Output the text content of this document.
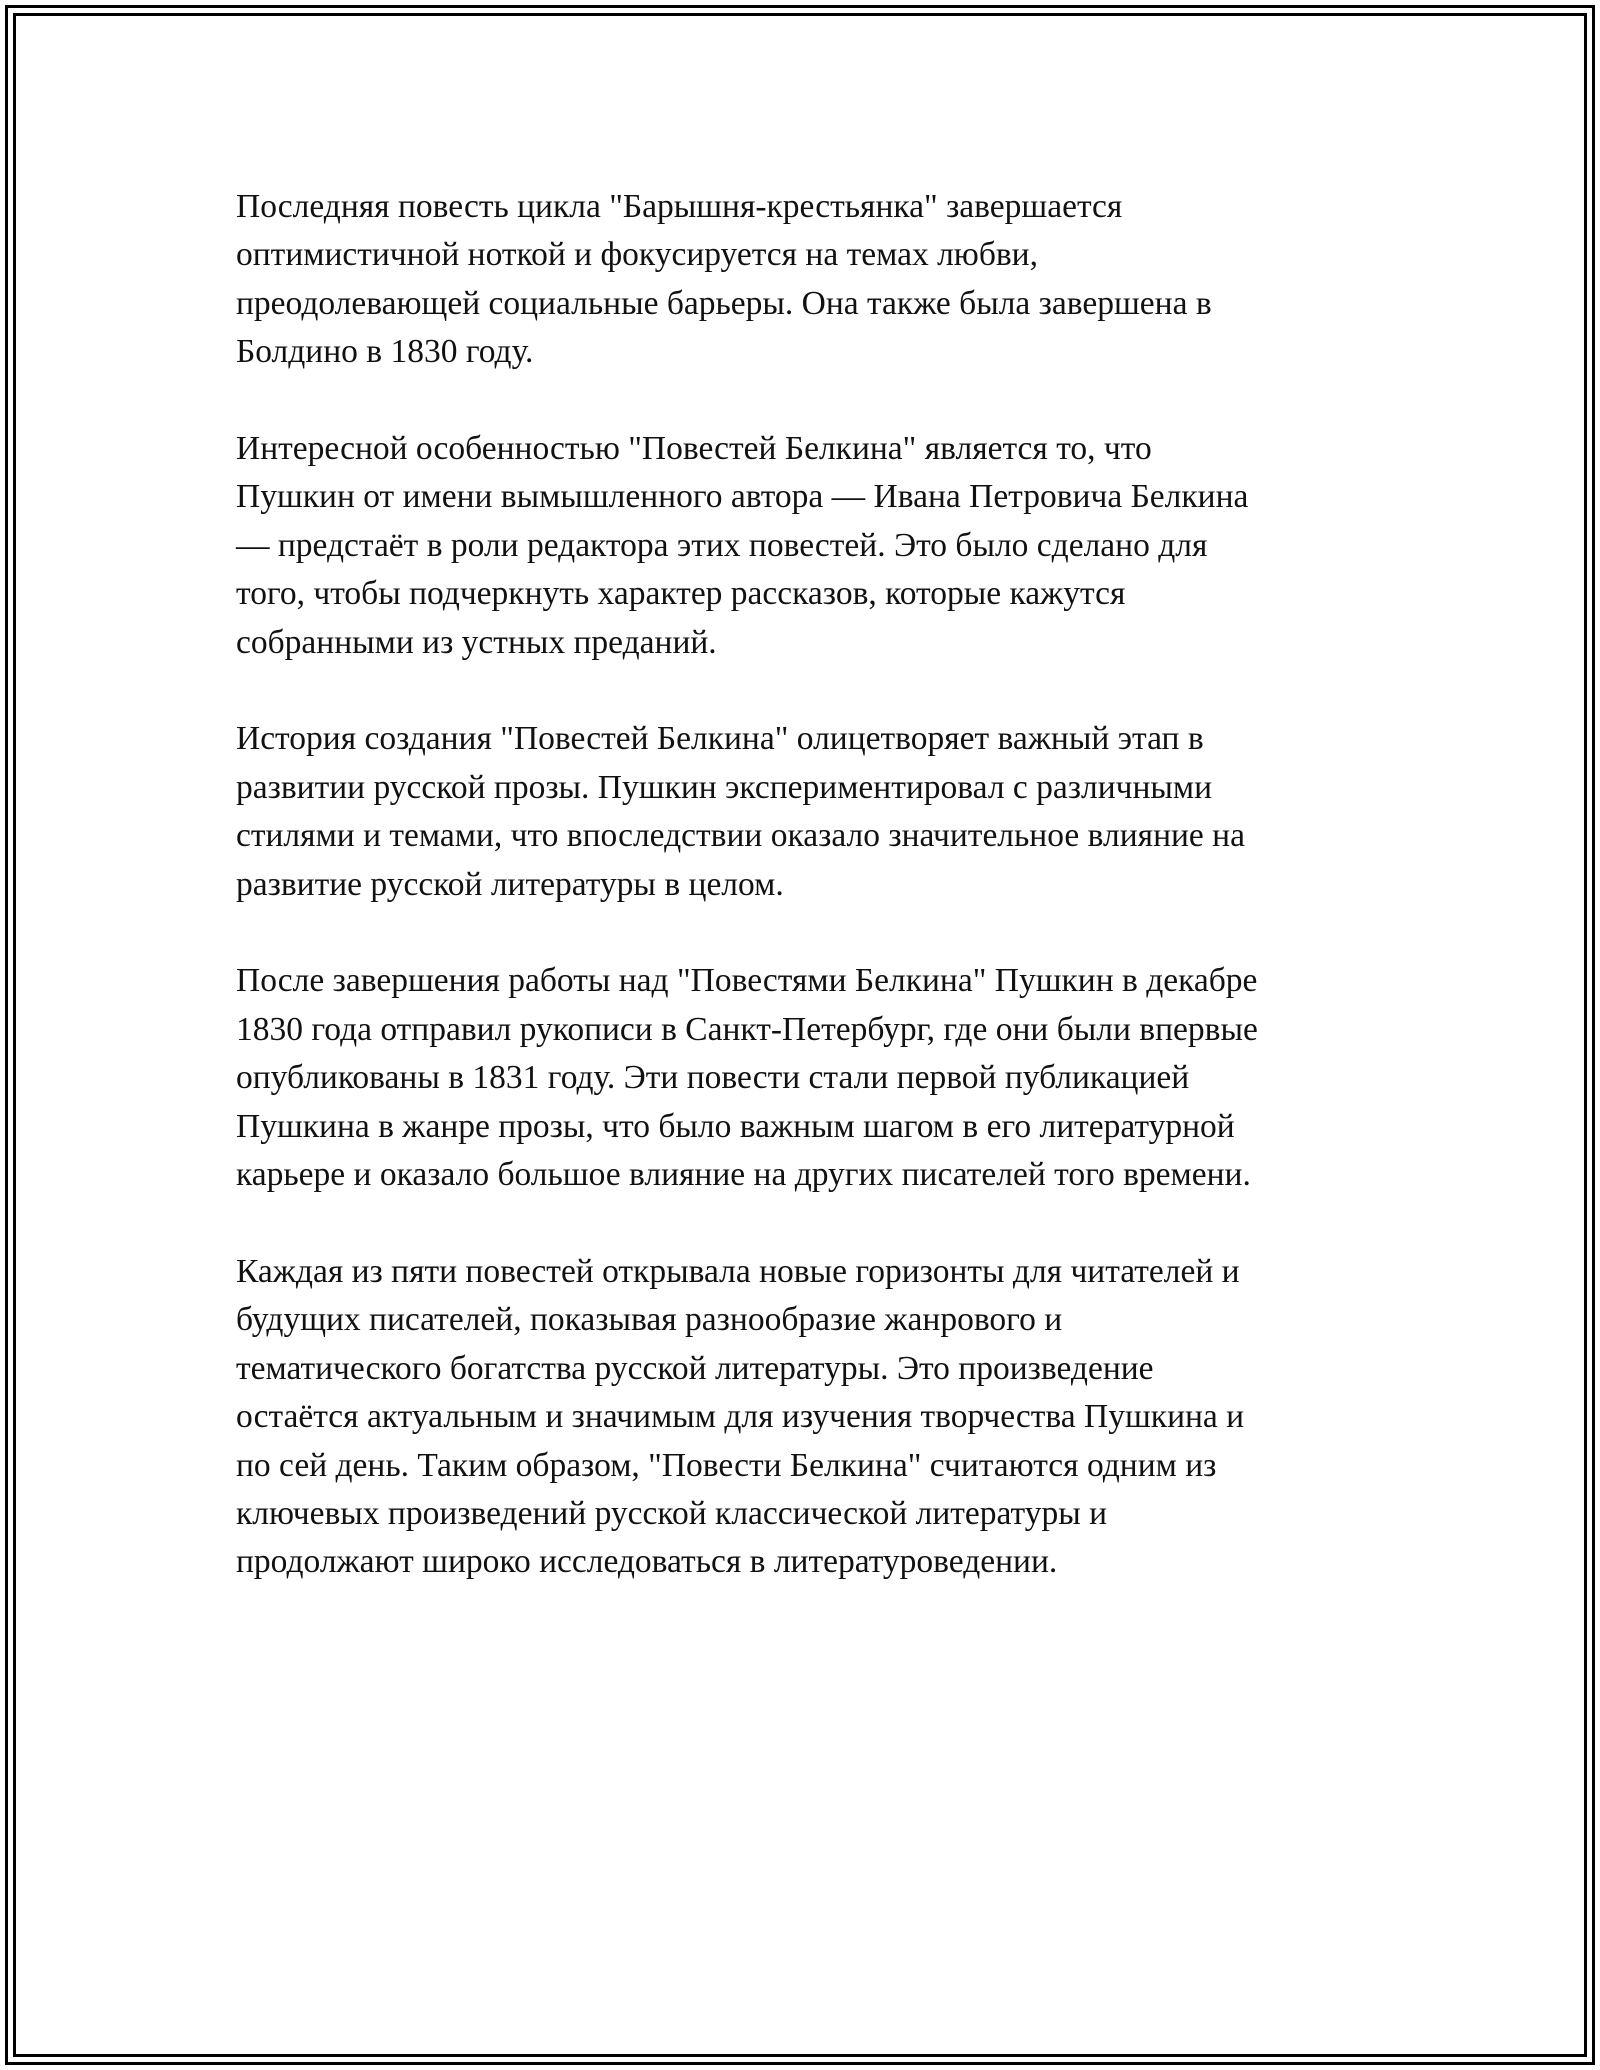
Последняя повесть цикла "Барышня-крестьянка" завершается
оптимистичной ноткой и фокусируется на темах любви,
преодолевающей социальные барьеры. Она также была завершена в
Болдино в 1830 году.

Интересной особенностью "Повестей Белкина" является то, что
Пушкин от имени вымышленного автора — Ивана Петровича Белкина
— предстаёт в роли редактора этих повестей. Это было сделано для
того, чтобы подчеркнуть характер рассказов, которые кажутся
собранными из устных преданий.

История создания "Повестей Белкина" олицетворяет важный этап в
развитии русской прозы. Пушкин экспериментировал с различными
стилями и темами, что впоследствии оказало значительное влияние на
развитие русской литературы в целом.

После завершения работы над "Повестями Белкина" Пушкин в декабре
1830 года отправил рукописи в Санкт-Петербург, где они были впервые
опубликованы в 1831 году. Эти повести стали первой публикацией
Пушкина в жанре прозы, что было важным шагом в его литературной
карьере и оказало большое влияние на других писателей того времени.

Каждая из пяти повестей открывала новые горизонты для читателей и
будущих писателей, показывая разнообразие жанрового и
тематического богатства русской литературы. Это произведение
остаётся актуальным и значимым для изучения творчества Пушкина и
по сей день. Таким образом, "Повести Белкина" считаются одним из
ключевых произведений русской классической литературы и
продолжают широко исследоваться в литературоведении.
